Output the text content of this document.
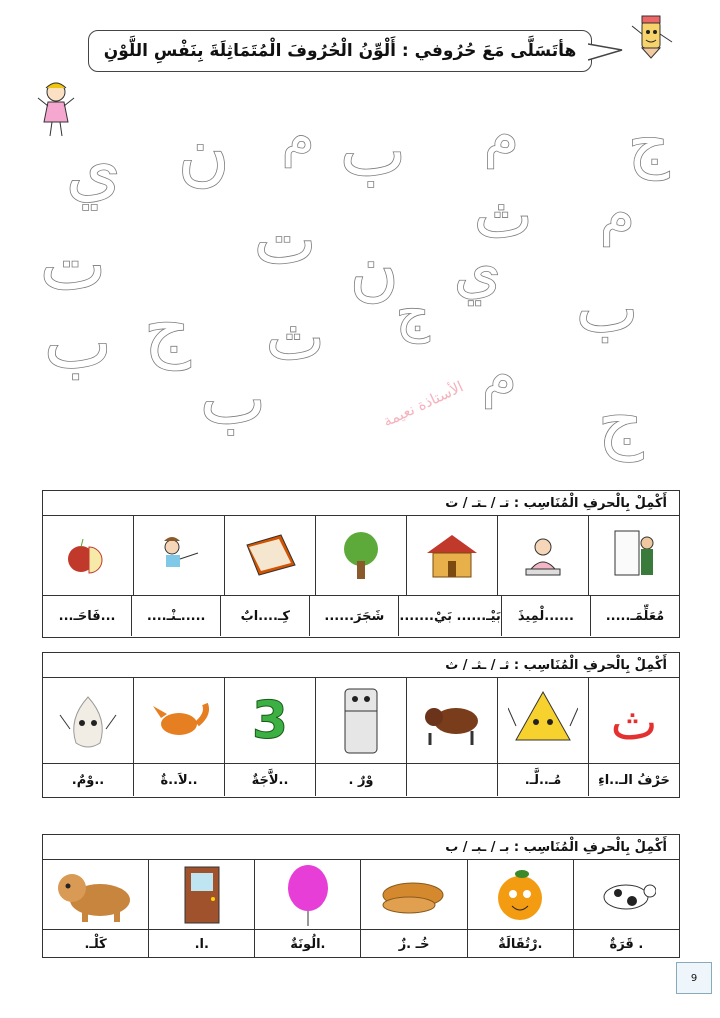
هأتَسَلَّى مَعَ حُرُوفي : أَلْوِّنُ الْحُرُوفَ الْمُتَمَاثِلَةَ بِنَفْسِ اللَّوْنِ
ج
م
ب
م
ن
ي
ث م
ت ن ي
ت
ب ج ث ج ب
م
ب	ج
الأستاذة نعيمة
أَكْمِلْ بِالْحرفِ الْمُنَاسِب : تـ / ـتـ / ت
مُعَلِّمَـ.....
......لْمِيذَ
بَيْـ......

بَيْ.......
شَجَرَ......
كِـ....ابٌ
.....ـنْـ....
...فَاحَـ...
أَكْمِلْ بِالْحرفِ الْمُنَاسِب : ثـ / ـثـ / ث
ث
3
حَرْفُ الـ..اءِ
مُـ..لَّـ.
وْرٌ .
..لاَّجَةٌ
..لاَ..ةٌ
..وْمٌ.
أَكْمِلْ بِالْحرفِ الْمُنَاسِب : بـ / ـبـ / ب
. قَرَةٌ
.رْتُقَالَةٌ
خُـ .زٌ
.الُونَةٌ
.ا.
كَلْـ.
9
